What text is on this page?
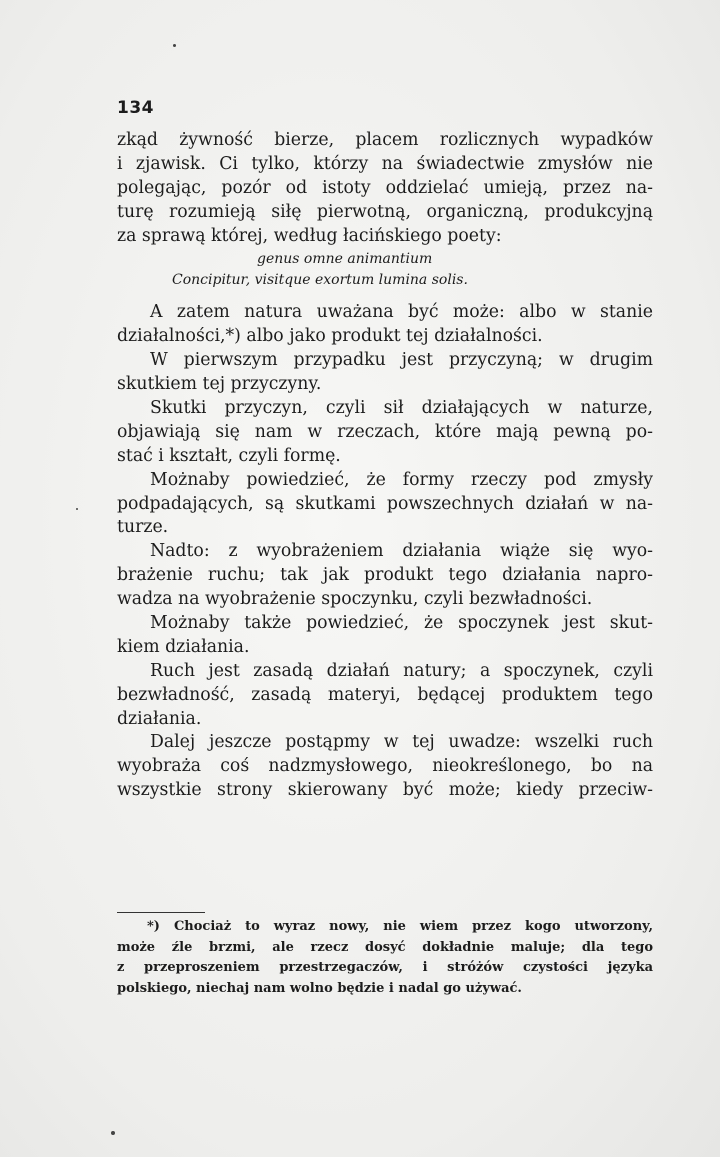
134
zkąd żywność bierze, placem rozlicznych wypadków
i zjawisk. Ci tylko, którzy na świadectwie zmysłów nie
polegając, pozór od istoty oddzielać umieją, przez na-
turę rozumieją siłę pierwotną, organiczną, produkcyjną
za sprawą której, według łacińskiego poety:
genus omne animantium
Concipitur, visitque exortum lumina solis.
A zatem natura uważana być może: albo w stanie
działalności,*) albo jako produkt tej działalności.
W pierwszym przypadku jest przyczyną; w drugim
skutkiem tej przyczyny.
Skutki przyczyn, czyli sił działających w naturze,
objawiają się nam w rzeczach, które mają pewną po-
stać i kształt, czyli formę.
Możnaby powiedzieć, że formy rzeczy pod zmysły
podpadających, są skutkami powszechnych działań w na-
turze.
Nadto: z wyobrażeniem działania wiąże się wyo-
brażenie ruchu; tak jak produkt tego działania napro-
wadza na wyobrażenie spoczynku, czyli bezwładności.
Możnaby także powiedzieć, że spoczynek jest skut-
kiem działania.
Ruch jest zasadą działań natury; a spoczynek, czyli
bezwładność, zasadą materyi, będącej produktem tego
działania.
Dalej jeszcze postąpmy w tej uwadze: wszelki ruch
wyobraża coś nadzmysłowego, nieokreślonego, bo na
wszystkie strony skierowany być może; kiedy przeciw-
*) Chociaż to wyraz nowy, nie wiem przez kogo utworzony,
może źle brzmi, ale rzecz dosyć dokładnie maluje; dla tego
z przeproszeniem przestrzegaczów, i stróżów czystości języka
polskiego, niechaj nam wolno będzie i nadal go używać.
